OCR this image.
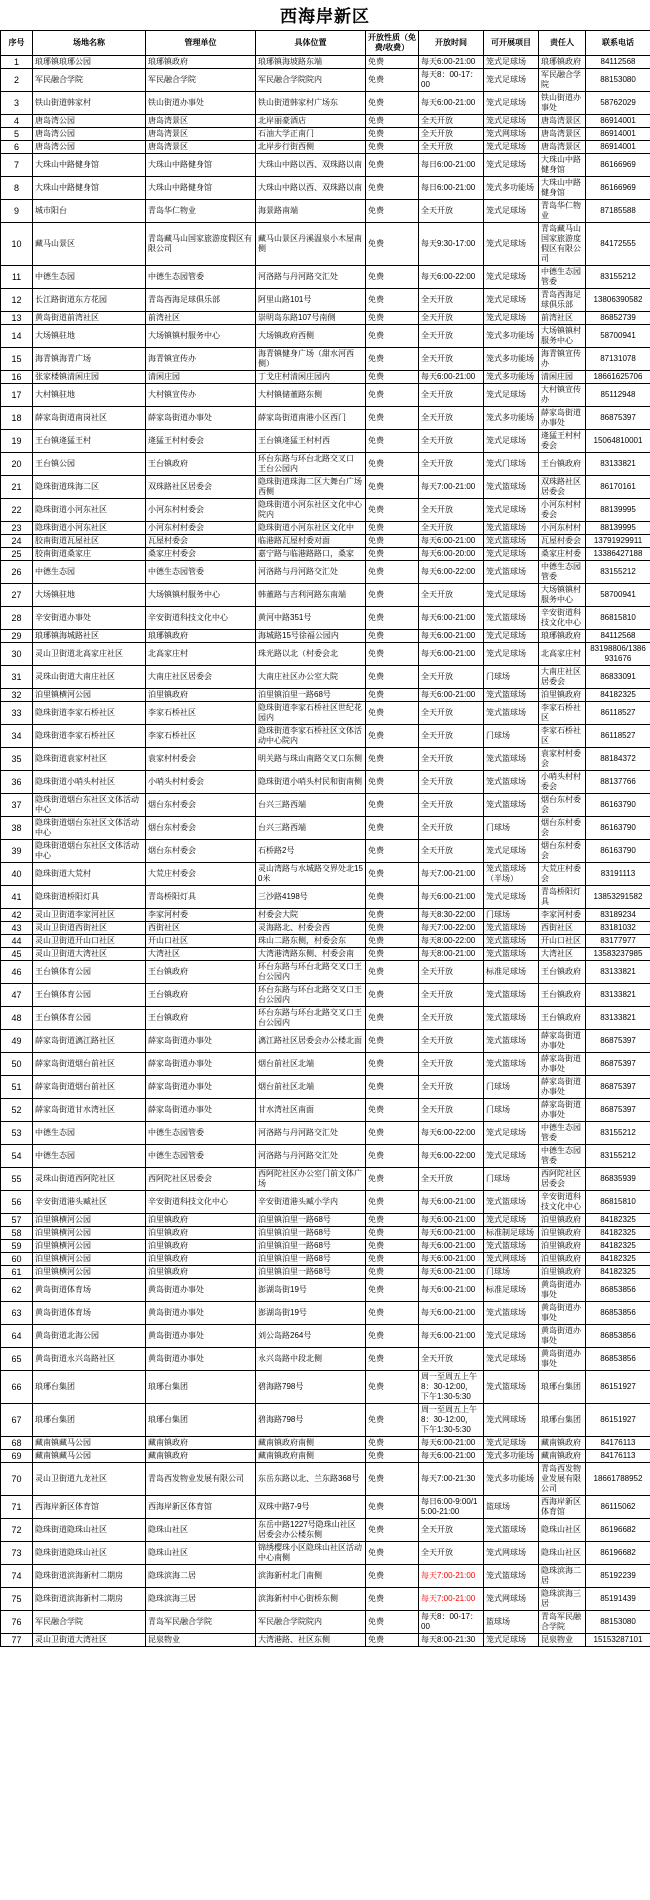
西海岸新区
序号	场地名称	管理单位	具体位置	开放性质（免费/收费）	开放时间	可开展项目	责任人	联系电话
1	琅琊镇琅琊公园	琅琊镇政府	琅琊镇海坡路东端	免费	每天6:00-21:00	笼式足球场	琅琊镇政府	84112568
2	军民融合学院	军民融合学院	军民融合学院院内	免费	每天8：00-17：00	笼式足球场	军民融合学院	88153080
3	铁山街道韩家村	铁山街道办事处	铁山街道韩家村广场东	免费	每天6:00-21:00	笼式足球场	铁山街道办事处	58762029
4	唐岛湾公园	唐岛湾景区	北岸丽豪酒店	免费	全天开放	笼式足球场	唐岛湾景区	86914001
5	唐岛湾公园	唐岛湾景区	石油大学正南门	免费	全天开放	笼式网球场	唐岛湾景区	86914001
6	唐岛湾公园	唐岛湾景区	北岸步行街西侧	免费	全天开放	笼式足球场	唐岛湾景区	86914001
7	大珠山中路健身馆	大珠山中路健身馆	大珠山中路以西、双珠路以南	免费	每日6:00-21:00	笼式足球场	大珠山中路健身馆	86166969
8	大珠山中路健身馆	大珠山中路健身馆	大珠山中路以西、双珠路以南	免费	每日6:00-21:00	笼式多功能场	大珠山中路健身馆	86166969
9	城市阳台	青岛华仁物业	海景路南端	免费	全天开放	笼式足球场	青岛华仁物业	87185588
10	藏马山景区	青岛藏马山国家旅游度假区有限公司	藏马山景区丹溪温泉小木屋南侧	免费	每天9:30-17:00	笼式足球场	青岛藏马山国家旅游度假区有限公司	84172555
11	中德生态园	中德生态园管委	河洛路与丹河路交汇处	免费	每天6:00-22:00	笼式足球场	中德生态园管委	83155212
12	长江路街道东方花园	青岛西海足球俱乐部	阿里山路101号	免费	全天开放	笼式足球场	青岛西海足球俱乐部	13806390582
13	黄岛街道前湾社区	前湾社区	崇明岛东路107号南侧	免费	全天开放	笼式足球场	前湾社区	86852739
14	大场镇驻地	大场镇镇村服务中心	大场镇政府西侧	免费	全天开放	笼式多功能场	大场镇镇村服务中心	58700941
15	海青镇海青广场	海青镇宣传办	海青镇健身广场（甜水河西侧）	免费	全天开放	笼式多功能场	海青镇宣传办	87131078
16	张家楼镇清闲庄园	清闲庄园	丁戈庄村清闲庄园内	免费	每天6:00-21:00	笼式多功能场	清闲庄园	18661625706
17	大村镇驻地	大村镇宣传办	大村镇储董路东侧	免费	全天开放	笼式足球场	大村镇宣传办	85112948
18	薛家岛街道南岗社区	薛家岛街道办事处	薛家岛街道南港小区西门	免费	全天开放	笼式多功能场	薛家岛街道办事处	86875397
19	王台镇逄猛王村	逄猛王村村委会	王台镇逄猛王村村西	免费	全天开放	笼式足球场	逄猛王村村委会	15064810001
20	王台镇公园	王台镇政府	环台东路与环台北路交叉口 王台公园内	免费	全天开放	笼式门球场	王台镇政府	83133821
21	隐珠街道珠海二区	双珠路社区居委会	隐珠街道珠海二区大舞台广场西侧	免费	每天7:00-21:00	笼式篮球场	双珠路社区居委会	86170161
22	隐珠街道小河东社区	小河东村村委会	隐珠街道小河东社区文化中心院内	免费	全天开放	笼式足球场	小河东村村委会	88139995
23	隐珠街道小河东社区	小河东村村委会	隐珠街道小河东社区文化中	免费	全天开放	笼式篮球场	小河东村村	88139995
24	胶南街道瓦屋社区	瓦屋村委会	临港路瓦屋村委对面	免费	每天6:00-21:00	笼式篮球场	瓦屋村委会	13791929911
25	胶南街道桑家庄	桑家庄村委会	嘉宁路与临港路路口，桑家	免费	每天6:00-20:00	笼式足球场	桑家庄村委	13386427188
26	中德生态园	中德生态园管委	河洛路与丹河路交汇处	免费	每天6:00-22:00	笼式篮球场	中德生态园管委	83155212
27	大场镇驻地	大场镇镇村服务中心	韩董路与吉利河路东南端	免费	全天开放	笼式足球场	大场镇镇村服务中心	58700941
28	辛安街道办事处	辛安街道科技文化中心	黄河中路351号	免费	每天6:00-21:00	笼式篮球场	辛安街道科技文化中心	86815810
29	琅琊镇海城路社区	琅琊镇政府	海城路15号徐福公园内	免费	每天6:00-21:00	笼式足球场	琅琊镇政府	84112568
30	灵山卫街道北高家庄社区	北高家庄村	珠光路以北（村委会北	免费	每天6:00-21:00	笼式足球场	北高家庄村	83198806/1386931676
31	灵珠山街道大南庄社区	大南庄社区居委会	大南庄社区办公室大院	免费	全天开放	门球场	大南庄社区居委会	86833091
32	泊里镇横河公园	泊里镇政府	泊里镇泊里一路68号	免费	每天6:00-21:00	笼式篮球场	泊里镇政府	84182325
33	隐珠街道李家石桥社区	李家石桥社区	隐珠街道李家石桥社区世纪花园内	免费	全天开放	笼式篮球场	李家石桥社区	86118527
34	隐珠街道李家石桥社区	李家石桥社区	隐珠街道李家石桥社区文体活动中心院内	免费	全天开放	门球场	李家石桥社区	86118527
35	隐珠街道袁家村社区	袁家村村委会	明关路与珠山南路交叉口东侧	免费	全天开放	笼式篮球场	袁家村村委会	88184372
36	隐珠街道小哨头村社区	小哨头村村委会	隐珠街道小哨头村民和街南侧	免费	全天开放	笼式篮球场	小哨头村村委会	88137766
37	隐珠街道烟台东社区文体活动中心	烟台东村委会	台兴三路西端	免费	全天开放	笼式篮球场	烟台东村委会	86163790
38	隐珠街道烟台东社区文体活动中心	烟台东村委会	台兴三路西端	免费	全天开放	门球场	烟台东村委会	86163790
39	隐珠街道烟台东社区文体活动中心	烟台东村委会	石桥路2号	免费	全天开放	笼式足球场	烟台东村委会	86163790
40	隐珠街道大荒村	大荒庄村委会	灵山湾路与水城路交界处北150米	免费	每天7:00-21:00	笼式篮球场（半场）	大荒庄村委会	83191113
41	隐珠街道桥阳灯具	青岛桥阳灯具	三沙路4198号	免费	每天6:00-21:00	笼式足球场	青岛桥阳灯具	13853291582
42	灵山卫街道李家河社区	李家河村委	村委会大院	免费	每天8:30-22:00	门球场	李家河村委	83189234
43	灵山卫街道西街社区	西街社区	灵海路北、村委会西	免费	每天7:00-22:00	笼式篮球场	西街社区	83181032
44	灵山卫街道开山口社区	开山口社区	珠山二路东侧，村委会东	免费	每天8:00-22:00	笼式篮球场	开山口社区	83177977
45	灵山卫街道大湾社区	大湾社区	大湾港湾路东侧、村委会南	免费	每天8:00-21:00	笼式篮球场	大湾社区	13583237985
46	王台镇体育公园	王台镇政府	环台东路与环台北路交叉口王台公园内	免费	全天开放	标准足球场	王台镇政府	83133821
47	王台镇体育公园	王台镇政府	环台东路与环台北路交叉口王台公园内	免费	全天开放	笼式篮球场	王台镇政府	83133821
48	王台镇体育公园	王台镇政府	环台东路与环台北路交叉口王台公园内	免费	全天开放	笼式篮球场	王台镇政府	83133821
49	薛家岛街道漓江路社区	薛家岛街道办事处	漓江路社区居委会办公楼北面	免费	全天开放	笼式篮球场	薛家岛街道办事处	86875397
50	薛家岛街道烟台前社区	薛家岛街道办事处	烟台前社区北端	免费	全天开放	笼式篮球场	薛家岛街道办事处	86875397
51	薛家岛街道烟台前社区	薛家岛街道办事处	烟台前社区北端	免费	全天开放	门球场	薛家岛街道办事处	86875397
52	薛家岛街道甘水湾社区	薛家岛街道办事处	甘水湾社区南面	免费	全天开放	门球场	薛家岛街道办事处	86875397
53	中德生态园	中德生态园管委	河洛路与丹河路交汇处	免费	每天6:00-22:00	笼式足球场	中德生态园管委	83155212
54	中德生态园	中德生态园管委	河洛路与丹河路交汇处	免费	每天6:00-22:00	笼式足球场	中德生态园管委	83155212
55	灵珠山街道西阿陀社区	西阿陀社区居委会	西阿陀社区办公室门前文体广场	免费	全天开放	门球场	西阿陀社区居委会	86835939
56	辛安街道港头臧社区	辛安街道科技文化中心	辛安街道港头臧小学内	免费	每天6:00-21:00	笼式篮球场	辛安街道科技文化中心	86815810
57	泊里镇横河公园	泊里镇政府	泊里镇泊里一路68号	免费	每天6:00-21:00	笼式足球场	泊里镇政府	84182325
58	泊里镇横河公园	泊里镇政府	泊里镇泊里一路68号	免费	每天6:00-21:00	标准制足球场	泊里镇政府	84182325
59	泊里镇横河公园	泊里镇政府	泊里镇泊里一路68号	免费	每天6:00-21:00	笼式篮球场	泊里镇政府	84182325
60	泊里镇横河公园	泊里镇政府	泊里镇泊里一路68号	免费	每天6:00-21:00	笼式网球场	泊里镇政府	84182325
61	泊里镇横河公园	泊里镇政府	泊里镇泊里一路68号	免费	每天6:00-21:00	门球场	泊里镇政府	84182325
62	黄岛街道体育场	黄岛街道办事处	澎湖岛街19号	免费	每天6:00-21:00	标准足球场	黄岛街道办事处	86853856
63	黄岛街道体育场	黄岛街道办事处	澎湖岛街19号	免费	每天6:00-21:00	笼式篮球场	黄岛街道办事处	86853856
64	黄岛街道北海公园	黄岛街道办事处	刘公岛路264号	免费	每天6:00-21:00	笼式足球场	黄岛街道办事处	86853856
65	黄岛街道永兴岛路社区	黄岛街道办事处	永兴岛路中段北侧	免费	全天开放	笼式足球场	黄岛街道办事处	86853856
66	琅琊台集团	琅琊台集团	碧海路798号	免费	周一至周五上午8：30-12:00，下午1:30-5:30	笼式篮球场	琅琊台集团	86151927
67	琅琊台集团	琅琊台集团	碧海路798号	免费	周一至周五上午8：30-12:00，下午1:30-5:30	笼式网球场	琅琊台集团	86151927
68	藏南镇藏马公园	藏南镇政府	藏南镇政府南侧	免费	每天6:00-21:00	笼式足球场	藏南镇政府	84176113
69	藏南镇藏马公园	藏南镇政府	藏南镇政府南侧	免费	每天6:00-21:00	笼式多功能场	藏南镇政府	84176113
70	灵山卫街道九龙社区	青岛西发物业发展有限公司	东岳东路以北、兰东路368号	免费	每天7:00-21:30	笼式多功能场	青岛西发物业发展有限公司	18661788952
71	西海岸新区体育馆	西海岸新区体育馆	双珠中路7-9号	免费	每日6:00-9:00/15:00-21:00	篮球场	西海岸新区体育馆	86115062
72	隐珠街道隐珠山社区	隐珠山社区	东岳中路1227号隐珠山社区居委会办公楼东侧	免费	全天开放	笼式篮球场	隐珠山社区	86196682
73	隐珠街道隐珠山社区	隐珠山社区	锦绣樱珠小区隐珠山社区活动中心南侧	免费	全天开放	笼式网球场	隐珠山社区	86196682
74	隐珠街道滨海新村二期房	隐珠滨海二居	滨海新村北门南侧	免费	每天7:00-21:00	笼式篮球场	隐珠滨海二居	85192239
75	隐珠街道滨海新村二期房	隐珠滨海三居	滨海新村中心街桥东侧	免费	每天7:00-21:00	笼式网球场	隐珠滨海三居	85191439
76	军民融合学院	青岛军民融合学院	军民融合学院院内	免费	每天8：00-17：00	篮球场	青岛军民融合学院	88153080
77	灵山卫街道大湾社区	昆泉物业	大湾港路、社区东侧	免费	每天8:00-21:30	笼式足球场	昆泉物业	15153287101
